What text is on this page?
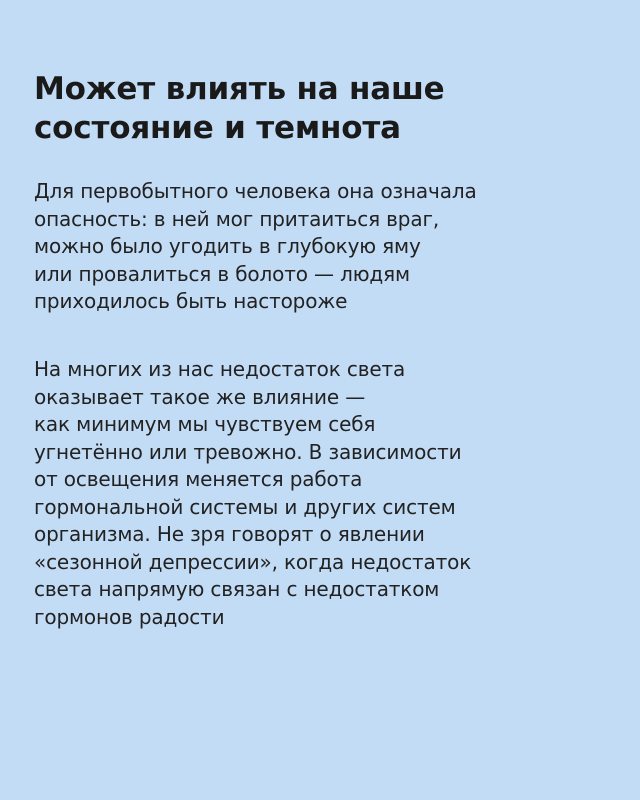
Может влиять на наше
состояние и темнота

Для первобытного человека она означала
опасность: в ней мог притаиться враг,
можно было угодить в глубокую яму
или провалиться в болото — людям
приходилось быть настороже

На многих из нас недостаток света
оказывает такое же влияние —
как минимум мы чувствуем себя
угнетённо или тревожно. В зависимости
от освещения меняется работа
гормональной системы и других систем
организма. Не зря говорят о явлении
«сезонной депрессии», когда недостаток
света напрямую связан с недостатком
гормонов радости
